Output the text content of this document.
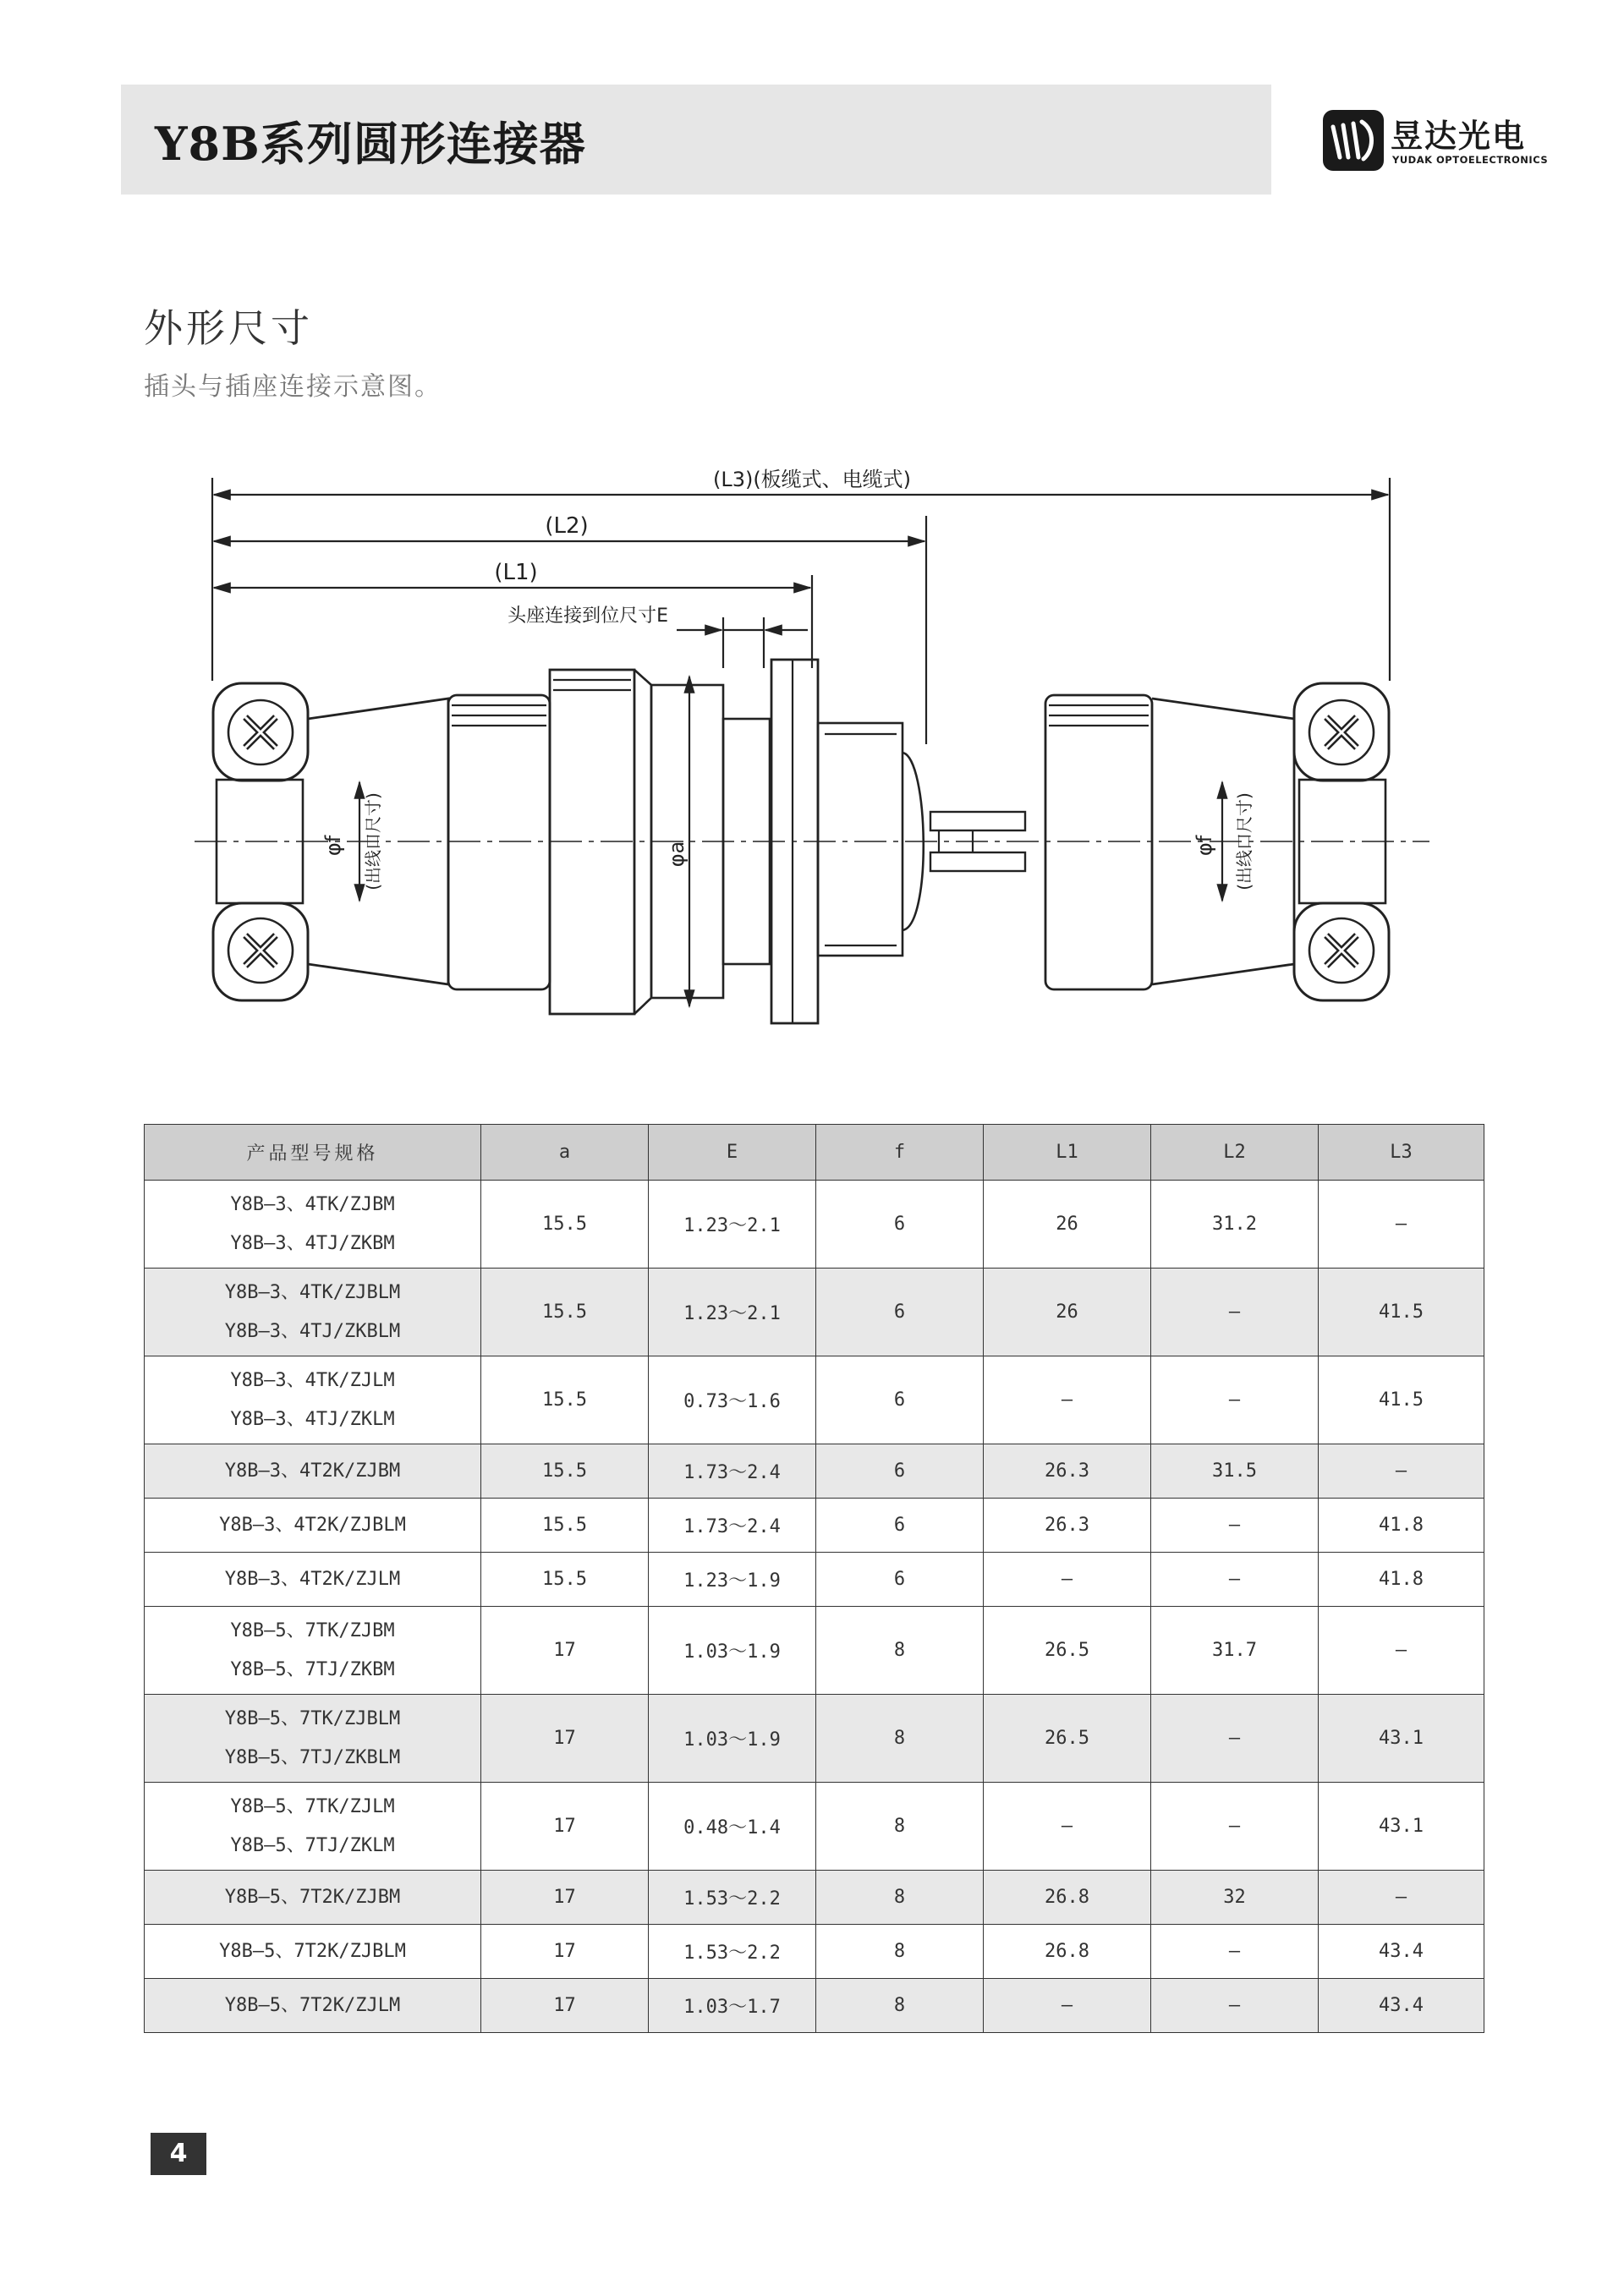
Y8B系列圆形连接器	昱达光电
YUDAK OPTOELECTRONICS
外形尺寸
插头与插座连接示意图。
(L3)(板缆式、电缆式)
(L2)
(L1)
头座连接到位尺寸E
φa
φf (出线口尺寸)	φf (出线口尺寸)
产品型号规格	a	E	f	L1	L2	L3

Y8B—3、4TK/ZJBM
Y8B—3、4TJ/ZKBM	15.5	1.23～2.1	6	26	31.2	—

Y8B—3、4TK/ZJBLM
Y8B—3、4TJ/ZKBLM	15.5	1.23～2.1	6	26	—	41.5

Y8B—3、4TK/ZJLM
Y8B—3、4TJ/ZKLM	15.5	0.73～1.6	6	—	—	41.5
Y8B—3、4T2K/ZJBM	15.5	1.73～2.4	6	26.3	31.5	—
Y8B—3、4T2K/ZJBLM	15.5	1.73～2.4	6	26.3	—	41.8
Y8B—3、4T2K/ZJLM	15.5	1.23～1.9	6	—	—	41.8

Y8B—5、7TK/ZJBM
Y8B—5、7TJ/ZKBM	17	1.03～1.9	8	26.5	31.7	—

Y8B—5、7TK/ZJBLM
Y8B—5、7TJ/ZKBLM	17	1.03～1.9	8	26.5	—	43.1

Y8B—5、7TK/ZJLM
Y8B—5、7TJ/ZKLM	17	0.48～1.4	8	—	—	43.1
Y8B—5、7T2K/ZJBM	17	1.53～2.2	8	26.8	32	—
Y8B—5、7T2K/ZJBLM	17	1.53～2.2	8	26.8	—	43.4
Y8B—5、7T2K/ZJLM	17	1.03～1.7	8	—	—	43.4
4
